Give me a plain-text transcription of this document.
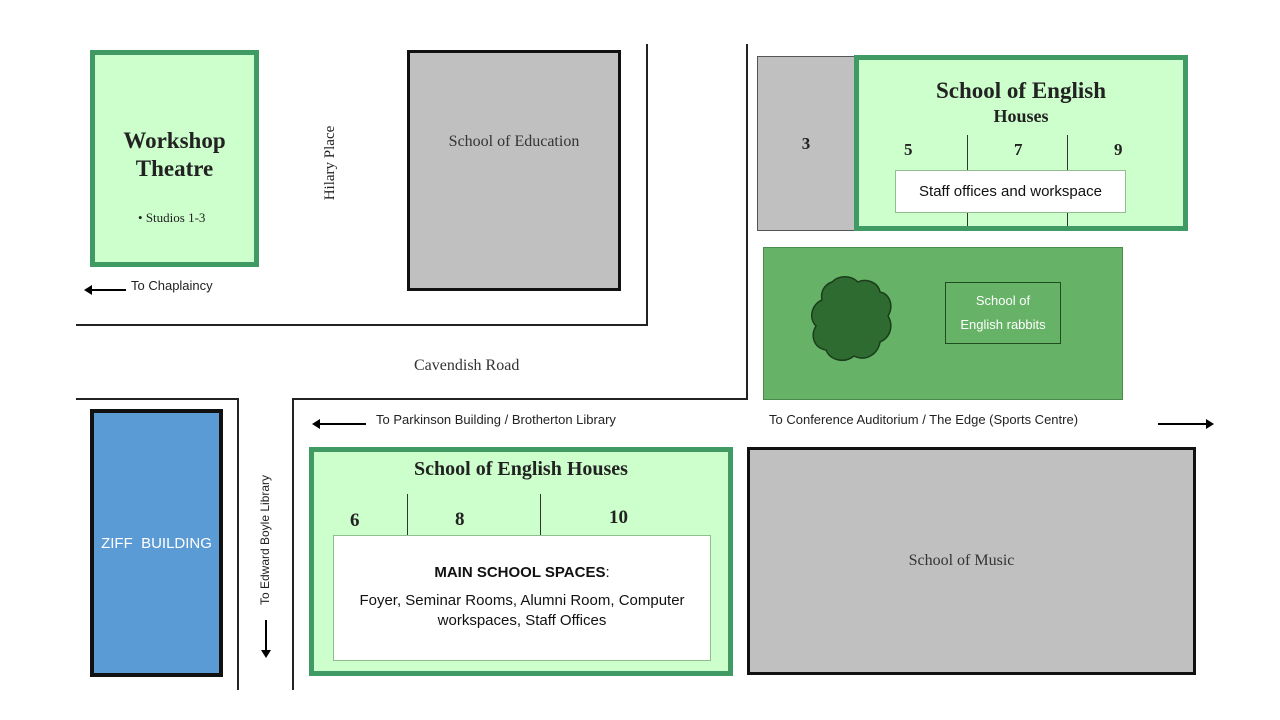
Workshop
Theatre
• Studios 1-3
Hilary Place	School of Education
To Chaplaincy
Cavendish Road
3
School of English
Houses
5	7	9
Staff offices and workspace
School of
English rabbits
To Parkinson Building / Brotherton Library	To Conference Auditorium / The Edge (Sports Centre)
ZIFF  BUILDING	To Edward Boyle Library
School of English Houses
6	8	10
MAIN SCHOOL SPACES:
Foyer, Seminar Rooms, Alumni Room, Computer
workspaces, Staff Offices
School of Music
